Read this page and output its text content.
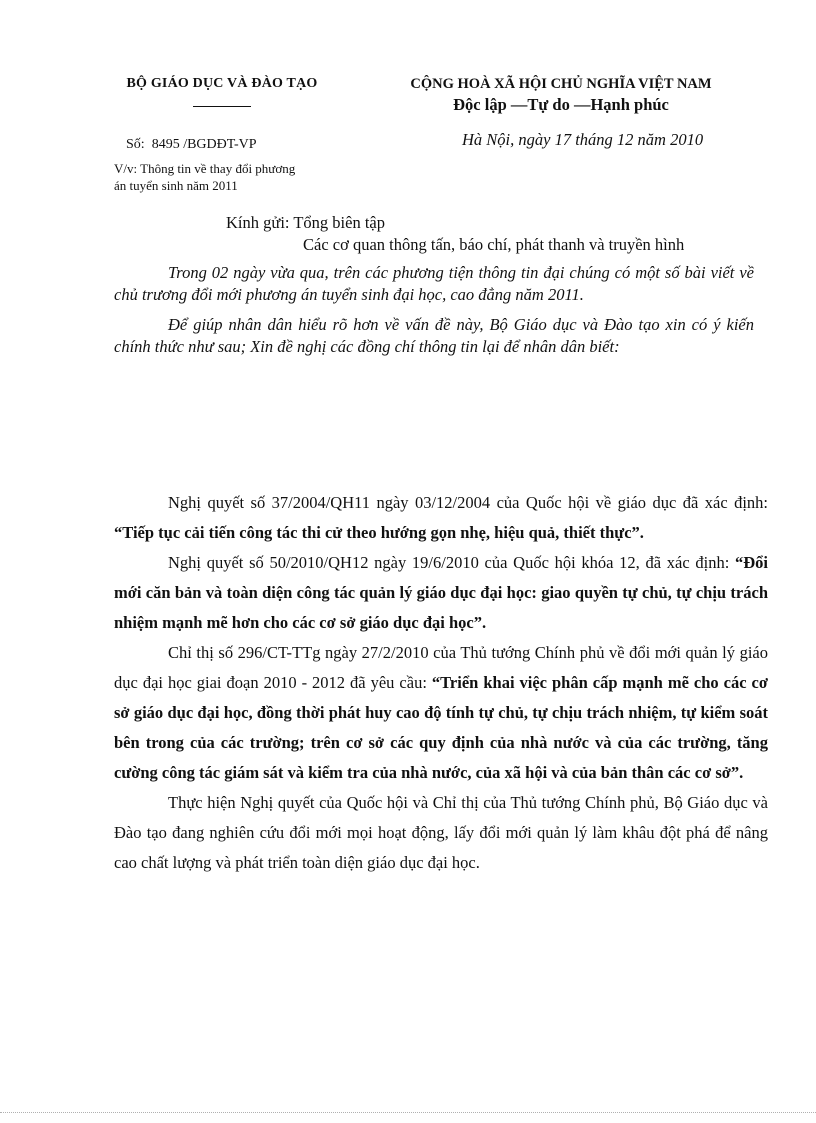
BỘ GIÁO DỤC VÀ ĐÀO TẠO	CỘNG HOÀ XÃ HỘI CHỦ NGHĨA VIỆT NAM
Độc lập —Tự do —Hạnh phúc
Số: 8495 /BGDĐT-VP	Hà Nội, ngày 17 tháng 12 năm 2010
V/v: Thông tin về thay đổi phương
án tuyển sinh năm 2011
Kính gửi: Tổng biên tập
Các cơ quan thông tấn, báo chí, phát thanh và truyền hình

Trong 02 ngày vừa qua, trên các phương tiện thông tin đại chúng có một số bài viết về chủ trương đổi mới phương án tuyển sinh đại học, cao đẳng năm 2011.

Để giúp nhân dân hiểu rõ hơn về vấn đề này, Bộ Giáo dục và Đào tạo xin có ý kiến chính thức như sau; Xin đề nghị các đồng chí thông tin lại để nhân dân biết:

Nghị quyết số 37/2004/QH11 ngày 03/12/2004 của Quốc hội về giáo dục đã xác định: “Tiếp tục cải tiến công tác thi cử theo hướng gọn nhẹ, hiệu quả, thiết thực”.

Nghị quyết số 50/2010/QH12 ngày 19/6/2010 của Quốc hội khóa 12, đã xác định: “Đổi mới căn bản và toàn diện công tác quản lý giáo dục đại học: giao quyền tự chủ, tự chịu trách nhiệm mạnh mẽ hơn cho các cơ sở giáo dục đại học”.

Chỉ thị số 296/CT-TTg ngày 27/2/2010 của Thủ tướng Chính phủ về đổi mới quản lý giáo dục đại học giai đoạn 2010 - 2012 đã yêu cầu: “Triển khai việc phân cấp mạnh mẽ cho các cơ sở giáo dục đại học, đồng thời phát huy cao độ tính tự chủ, tự chịu trách nhiệm, tự kiểm soát bên trong của các trường; trên cơ sở các quy định của nhà nước và của các trường, tăng cường công tác giám sát và kiểm tra của nhà nước, của xã hội và của bản thân các cơ sở”.

Thực hiện Nghị quyết của Quốc hội và Chỉ thị của Thủ tướng Chính phủ, Bộ Giáo dục và Đào tạo đang nghiên cứu đổi mới mọi hoạt động, lấy đổi mới quản lý làm khâu đột phá để nâng cao chất lượng và phát triển toàn diện giáo dục đại học.
